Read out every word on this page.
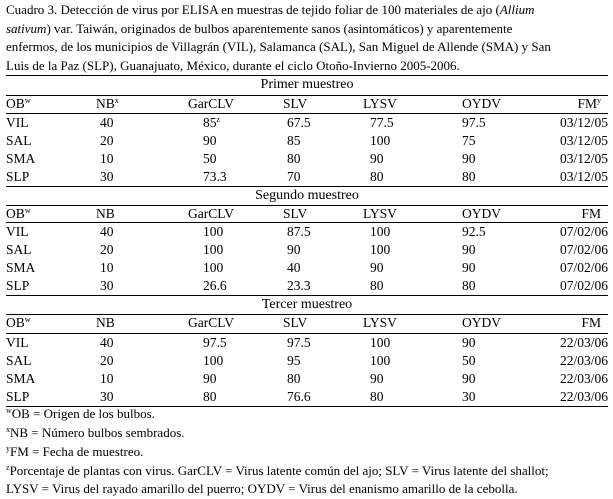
Cuadro 3. Detección de virus por ELISA en muestras de tejido foliar de 100 materiales de ajo (Allium
sativum) var. Taiwán, originados de bulbos aparentemente sanos (asintomáticos) y aparentemente
enfermos, de los municipios de Villagrán (VIL), Salamanca (SAL), San Miguel de Allende (SMA) y San
Luis de la Paz (SLP), Guanajuato, México, durante el ciclo Otoño-Invierno 2005-2006.
Primer muestreo
$OB^w$	$NB^x$	GarCLV	SLV	LYSV	OYDV	$FM^y$
VIL	40	85$^z$	67.5	77.5	97.5	03/12/05
SAL	20	90	85	100	75	03/12/05
SMA	10	50	80	90	90	03/12/05
SLP	30	73.3	70	80	80	03/12/05
Segundo muestreo
$OB^w$	NB	GarCLV	SLV	LYSV	OYDV	FM
VIL	40	100	87.5	100	92.5	07/02/06
SAL	20	100	90	100	90	07/02/06
SMA	10	100	40	90	90	07/02/06
SLP	30	26.6	23.3	80	80	07/02/06
Tercer muestreo
$OB^w$	NB	GarCLV	SLV	LYSV	OYDV	FM
VIL	40	97.5	97.5	100	90	22/03/06
SAL	20	100	95	100	50	22/03/06
SMA	10	90	80	90	90	22/03/06
SLP	30	80	76.6	80	30	22/03/06
$^w$OB = Origen de los bulbos.
$^x$NB = Número bulbos sembrados.
$^y$FM = Fecha de muestreo.
$^z$Porcentaje de plantas con virus. GarCLV = Virus latente común del ajo; SLV = Virus latente del shallot;
LYSV = Virus del rayado amarillo del puerro; OYDV = Virus del enanismo amarillo de la cebolla.
